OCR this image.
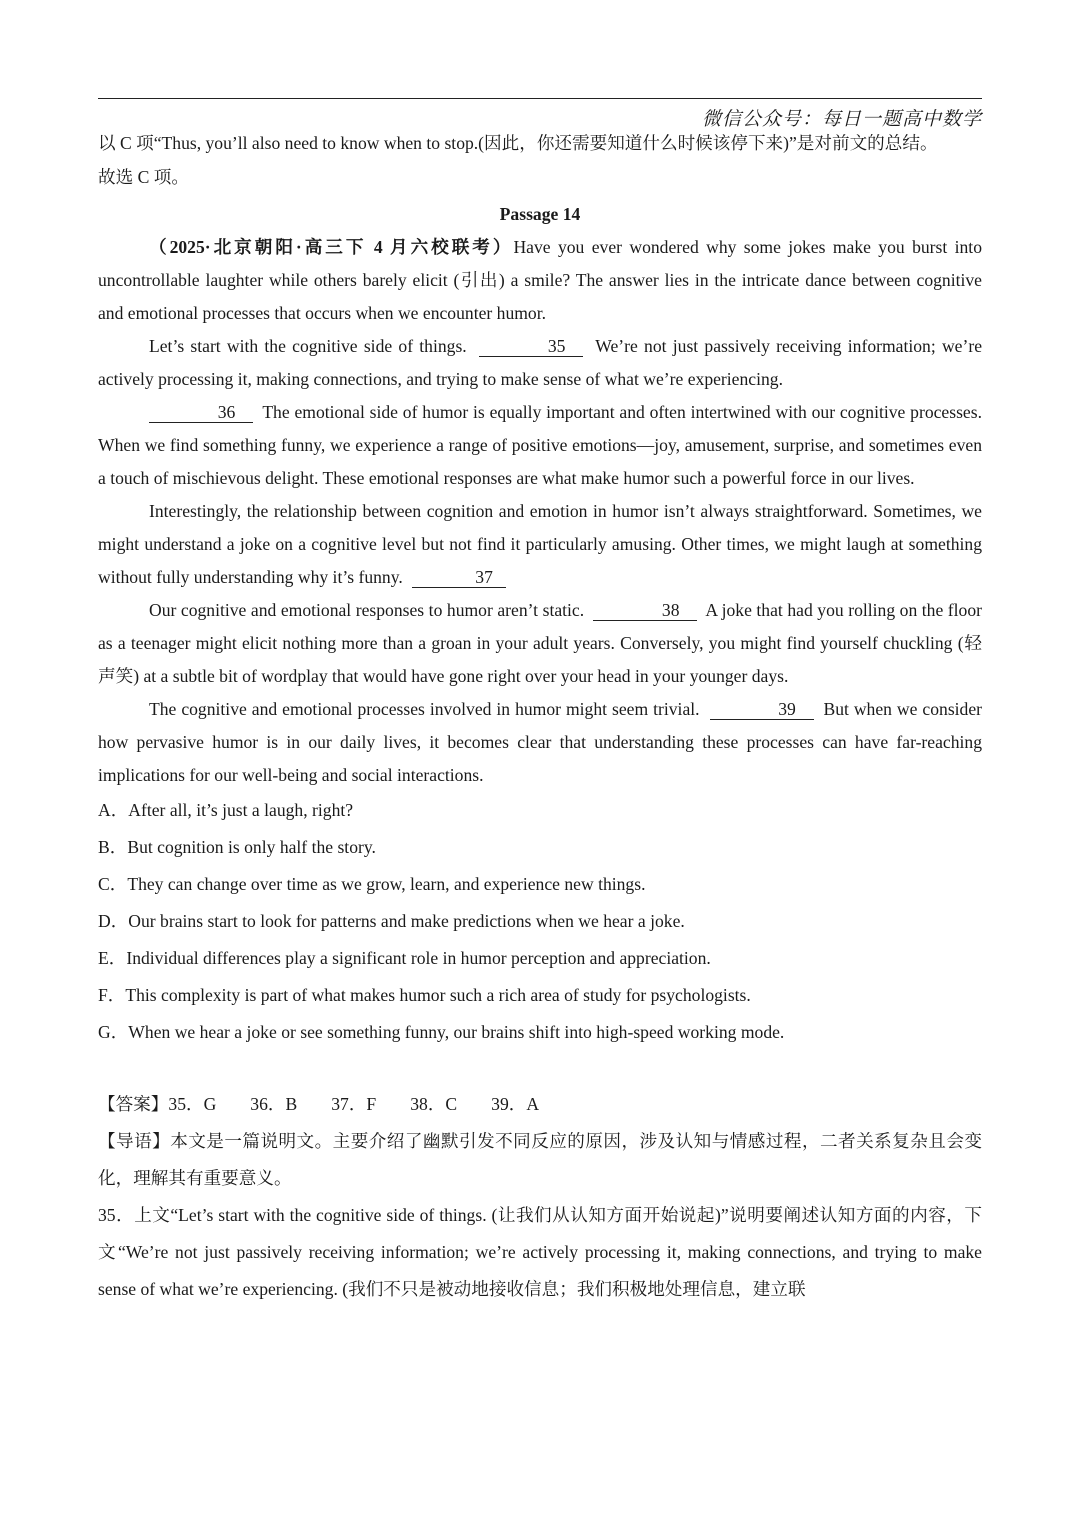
微信公众号：每日一题高中数学
以 C 项“Thus, you’ll also need to know when to stop.(因此，你还需要知道什么时候该停下来)”是对前文的总结。
故选 C 项。
Passage 14

（2025·北京朝阳·高三下 4 月六校联考）Have you ever wondered why some jokes make you burst into uncontrollable laughter while others barely elicit (引出) a smile? The answer lies in the intricate dance between cognitive and emotional processes that occurs when we encounter humor.

Let’s start with the cognitive side of things.	35 We’re not just passively receiving information; we’re actively processing it, making connections, and trying to make sense of what we’re experiencing.

36 The emotional side of humor is equally important and often intertwined with our cognitive processes. When we find something funny, we experience a range of positive emotions—joy, amusement, surprise, and sometimes even a touch of mischievous delight. These emotional responses are what make humor such a powerful force in our lives.

Interestingly, the relationship between cognition and emotion in humor isn’t always straightforward. Sometimes, we might understand a joke on a cognitive level but not find it particularly amusing. Other times, we might laugh at something without fully understanding why it’s funny.	37

Our cognitive and emotional responses to humor aren’t static.	38 A joke that had you rolling on the floor as a teenager might elicit nothing more than a groan in your adult years. Conversely, you might find yourself chuckling (轻声笑) at a subtle bit of wordplay that would have gone right over your head in your younger days.

The cognitive and emotional processes involved in humor might seem trivial.	39 But when we consider how pervasive humor is in our daily lives, it becomes clear that understanding these processes can have far-reaching implications for our well-being and social interactions.

A．After all, it’s just a laugh, right?
B．But cognition is only half the story.
C．They can change over time as we grow, learn, and experience new things.
D．Our brains start to look for patterns and make predictions when we hear a joke.
E．Individual differences play a significant role in humor perception and appreciation.
F．This complexity is part of what makes humor such a rich area of study for psychologists.
G．When we hear a joke or see something funny, our brains shift into high-speed working mode.
【答案】35．G 36．B 37．F 38．C 39．A

【导语】本文是一篇说明文。主要介绍了幽默引发不同反应的原因，涉及认知与情感过程，二者关系复杂且会变化，理解其有重要意义。

35．上文“Let’s start with the cognitive side of things. (让我们从认知方面开始说起)”说明要阐述认知方面的内容，下文“We’re not just passively receiving information; we’re actively processing it, making connections, and trying to make sense of what we’re experiencing. (我们不只是被动地接收信息；我们积极地处理信息，建立联
